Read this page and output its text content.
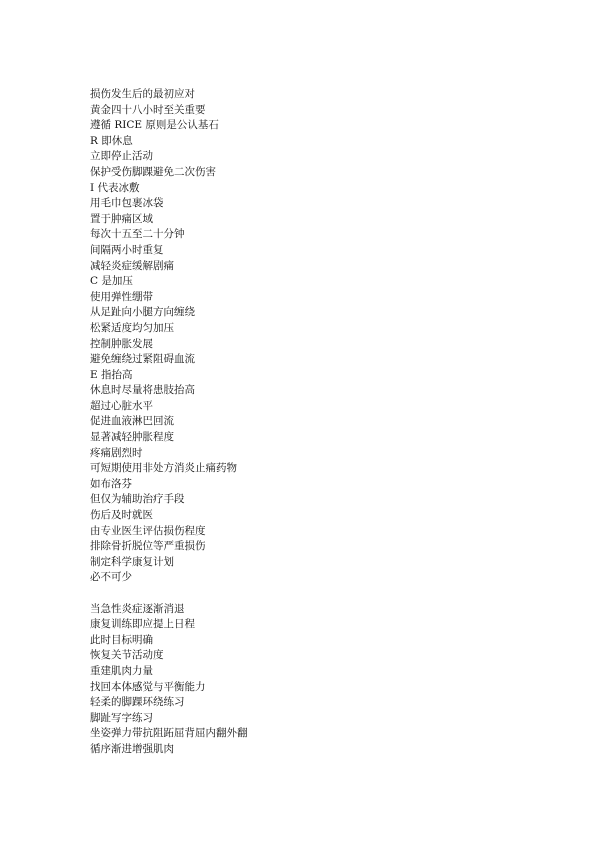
损伤发生后的最初应对
黄金四十八小时至关重要
遵循 RICE 原则是公认基石
R 即休息
立即停止活动
保护受伤脚踝避免二次伤害
I 代表冰敷
用毛巾包裹冰袋
置于肿痛区域
每次十五至二十分钟
间隔两小时重复
减轻炎症缓解剧痛
C 是加压
使用弹性绷带
从足趾向小腿方向缠绕
松紧适度均匀加压
控制肿胀发展
避免缠绕过紧阻碍血流
E 指抬高
休息时尽量将患肢抬高
超过心脏水平
促进血液淋巴回流
显著减轻肿胀程度
疼痛剧烈时
可短期使用非处方消炎止痛药物
如布洛芬
但仅为辅助治疗手段
伤后及时就医
由专业医生评估损伤程度
排除骨折脱位等严重损伤
制定科学康复计划
必不可少
当急性炎症逐渐消退
康复训练即应提上日程
此时目标明确
恢复关节活动度
重建肌肉力量
找回本体感觉与平衡能力
轻柔的脚踝环绕练习
脚趾写字练习
坐姿弹力带抗阻跖屈背屈内翻外翻
循序渐进增强肌肉
